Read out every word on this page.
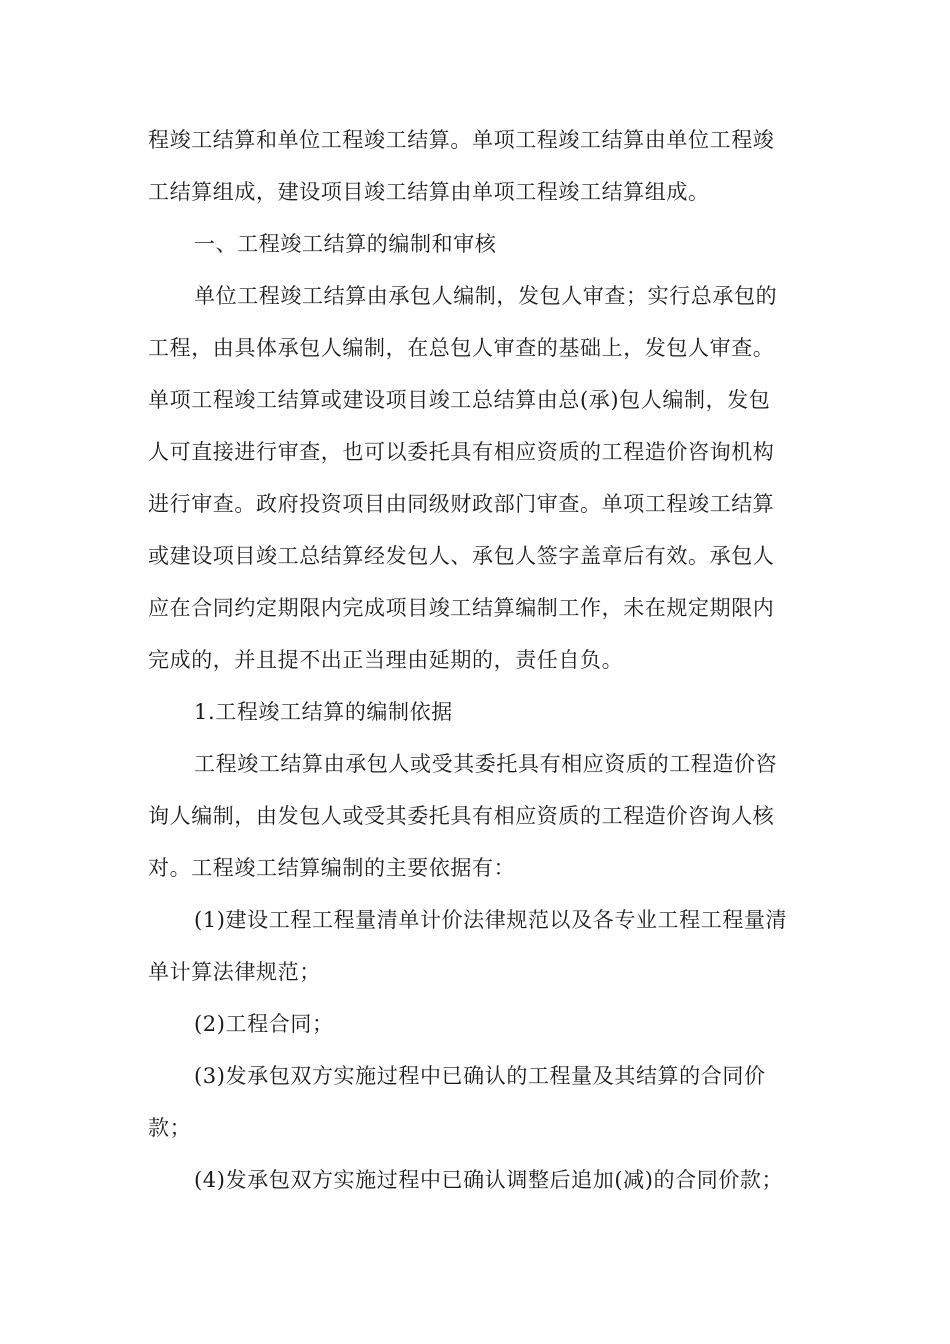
程竣工结算和单位工程竣工结算。单项工程竣工结算由单位工程竣
工结算组成，建设项目竣工结算由单项工程竣工结算组成。
一、工程竣工结算的编制和审核
单位工程竣工结算由承包人编制，发包人审查；实行总承包的
工程，由具体承包人编制，在总包人审查的基础上，发包人审查。
单项工程竣工结算或建设项目竣工总结算由总(承)包人编制，发包
人可直接进行审查，也可以委托具有相应资质的工程造价咨询机构
进行审查。政府投资项目由同级财政部门审查。单项工程竣工结算
或建设项目竣工总结算经发包人、承包人签字盖章后有效。承包人
应在合同约定期限内完成项目竣工结算编制工作，未在规定期限内
完成的，并且提不出正当理由延期的，责任自负。
1.工程竣工结算的编制依据
工程竣工结算由承包人或受其委托具有相应资质的工程造价咨
询人编制，由发包人或受其委托具有相应资质的工程造价咨询人核
对。工程竣工结算编制的主要依据有：
(1)建设工程工程量清单计价法律规范以及各专业工程工程量清
单计算法律规范；
(2)工程合同；
(3)发承包双方实施过程中已确认的工程量及其结算的合同价
款；
(4)发承包双方实施过程中已确认调整后追加(减)的合同价款；
